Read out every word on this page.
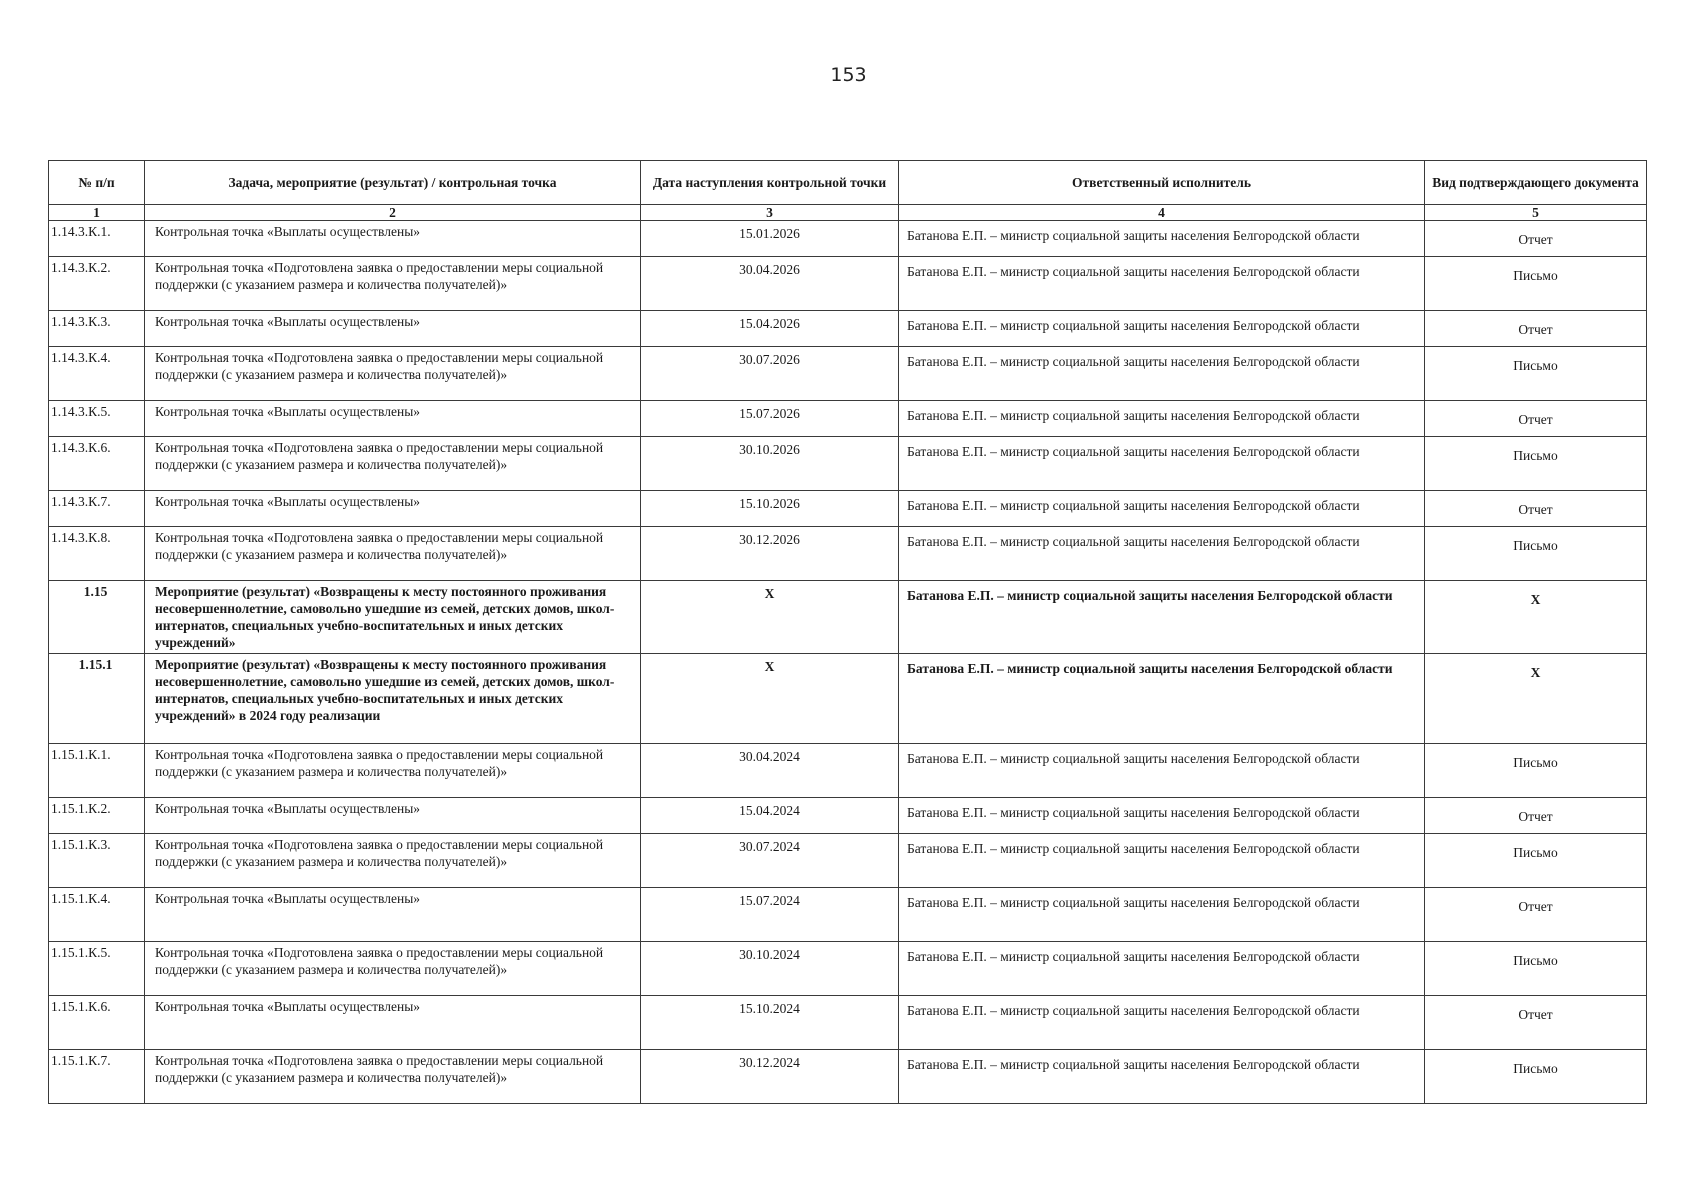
153
№ п/п	Задача, мероприятие (результат) / контрольная точка	Дата наступления контрольной точки	Ответственный исполнитель	Вид подтверждающего документа
1	2	3	4	5
1.14.3.К.1.	Контрольная точка «Выплаты осуществлены»	15.01.2026	Батанова Е.П. – министр социальной защиты населения Белгородской области	Отчет
1.14.3.К.2.	Контрольная точка «Подготовлена заявка о предоставлении меры социальной поддержки (с указанием размера и количества получателей)»	30.04.2026	Батанова Е.П. – министр социальной защиты населения Белгородской области	Письмо
1.14.3.К.3.	Контрольная точка «Выплаты осуществлены»	15.04.2026	Батанова Е.П. – министр социальной защиты населения Белгородской области	Отчет
1.14.3.К.4.	Контрольная точка «Подготовлена заявка о предоставлении меры социальной поддержки (с указанием размера и количества получателей)»	30.07.2026	Батанова Е.П. – министр социальной защиты населения Белгородской области	Письмо
1.14.3.К.5.	Контрольная точка «Выплаты осуществлены»	15.07.2026	Батанова Е.П. – министр социальной защиты населения Белгородской области	Отчет
1.14.3.К.6.	Контрольная точка «Подготовлена заявка о предоставлении меры социальной поддержки (с указанием размера и количества получателей)»	30.10.2026	Батанова Е.П. – министр социальной защиты населения Белгородской области	Письмо
1.14.3.К.7.	Контрольная точка «Выплаты осуществлены»	15.10.2026	Батанова Е.П. – министр социальной защиты населения Белгородской области	Отчет
1.14.3.К.8.	Контрольная точка «Подготовлена заявка о предоставлении меры социальной поддержки (с указанием размера и количества получателей)»	30.12.2026	Батанова Е.П. – министр социальной защиты населения Белгородской области	Письмо
1.15	Мероприятие (результат) «Возвращены к месту постоянного проживания несовершеннолетние, самовольно ушедшие из семей, детских домов, школ-интернатов, специальных учебно-воспитательных и иных детских учреждений»	X	Батанова Е.П. – министр социальной защиты населения Белгородской области	X
1.15.1	Мероприятие (результат) «Возвращены к месту постоянного проживания несовершеннолетние, самовольно ушедшие из семей, детских домов, школ-интернатов, специальных учебно-воспитательных и иных детских учреждений» в 2024 году реализации	X	Батанова Е.П. – министр социальной защиты населения Белгородской области	X
1.15.1.К.1.	Контрольная точка «Подготовлена заявка о предоставлении меры социальной поддержки (с указанием размера и количества получателей)»	30.04.2024	Батанова Е.П. – министр социальной защиты населения Белгородской области	Письмо
1.15.1.К.2.	Контрольная точка «Выплаты осуществлены»	15.04.2024	Батанова Е.П. – министр социальной защиты населения Белгородской области	Отчет
1.15.1.К.3.	Контрольная точка «Подготовлена заявка о предоставлении меры социальной поддержки (с указанием размера и количества получателей)»	30.07.2024	Батанова Е.П. – министр социальной защиты населения Белгородской области	Письмо
1.15.1.К.4.	Контрольная точка «Выплаты осуществлены»	15.07.2024	Батанова Е.П. – министр социальной защиты населения Белгородской области	Отчет
1.15.1.К.5.	Контрольная точка «Подготовлена заявка о предоставлении меры социальной поддержки (с указанием размера и количества получателей)»	30.10.2024	Батанова Е.П. – министр социальной защиты населения Белгородской области	Письмо
1.15.1.К.6.	Контрольная точка «Выплаты осуществлены»	15.10.2024	Батанова Е.П. – министр социальной защиты населения Белгородской области	Отчет
1.15.1.К.7.	Контрольная точка «Подготовлена заявка о предоставлении меры социальной поддержки (с указанием размера и количества получателей)»	30.12.2024	Батанова Е.П. – министр социальной защиты населения Белгородской области	Письмо
